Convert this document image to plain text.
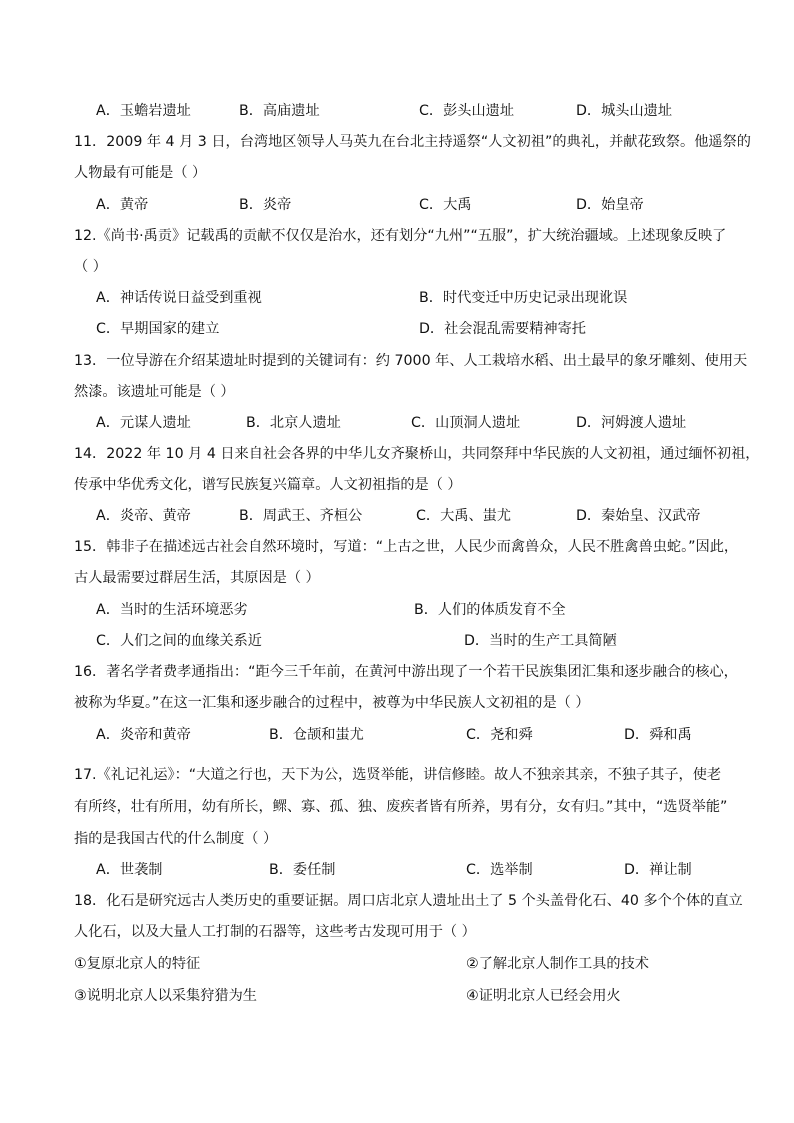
A．玉蟾岩遗址	B．高庙遗址	C．彭头山遗址	D．城头山遗址
11．2009 年 4 月 3 日，台湾地区领导人马英九在台北主持遥祭“人文初祖”的典礼，并献花致祭。他遥祭的
人物最有可能是（ ）
A．黄帝	B．炎帝	C．大禹	D．始皇帝
12.《尚书·禹贡》记载禹的贡献不仅仅是治水，还有划分“九州”“五服”，扩大统治疆域。上述现象反映了
（ ）
A．神话传说日益受到重视	B．时代变迁中历史记录出现讹误
C．早期国家的建立	D．社会混乱需要精神寄托
13．一位导游在介绍某遗址时提到的关键词有：约 7000 年、人工栽培水稻、出土最早的象牙雕刻、使用天
然漆。该遗址可能是（ ）
A．元谋人遗址	B．北京人遗址	C．山顶洞人遗址	D．河姆渡人遗址
14．2022 年 10 月 4 日来自社会各界的中华儿女齐聚桥山，共同祭拜中华民族的人文初祖，通过缅怀初祖，
传承中华优秀文化，谱写民族复兴篇章。人文初祖指的是（ ）
A．炎帝、黄帝	B．周武王、齐桓公	C．大禹、蚩尤	D．秦始皇、汉武帝
15．韩非子在描述远古社会自然环境时，写道：“上古之世，人民少而禽兽众，人民不胜禽兽虫蛇。”因此，
古人最需要过群居生活，其原因是（ ）
A．当时的生活环境恶劣	B．人们的体质发育不全
C．人们之间的血缘关系近	D．当时的生产工具简陋
16．著名学者费孝通指出：“距今三千年前，在黄河中游出现了一个若干民族集团汇集和逐步融合的核心，
被称为华夏。”在这一汇集和逐步融合的过程中，被尊为中华民族人文初祖的是（ ）
A．炎帝和黄帝	B．仓颉和蚩尤	C．尧和舜	D．舜和禹
17.《礼记礼运》：“大道之行也，天下为公，选贤举能，讲信修睦。故人不独亲其亲，不独子其子，使老
有所终，壮有所用，幼有所长，鳏、寡、孤、独、废疾者皆有所养，男有分，女有归。”其中，“选贤举能”
指的是我国古代的什么制度（ ）
A．世袭制	B．委任制	C．选举制	D．禅让制
18．化石是研究远古人类历史的重要证据。周口店北京人遗址出土了 5 个头盖骨化石、40 多个个体的直立
人化石，以及大量人工打制的石器等，这些考古发现可用于（ ）
①复原北京人的特征	②了解北京人制作工具的技术
③说明北京人以采集狩猎为生	④证明北京人已经会用火
